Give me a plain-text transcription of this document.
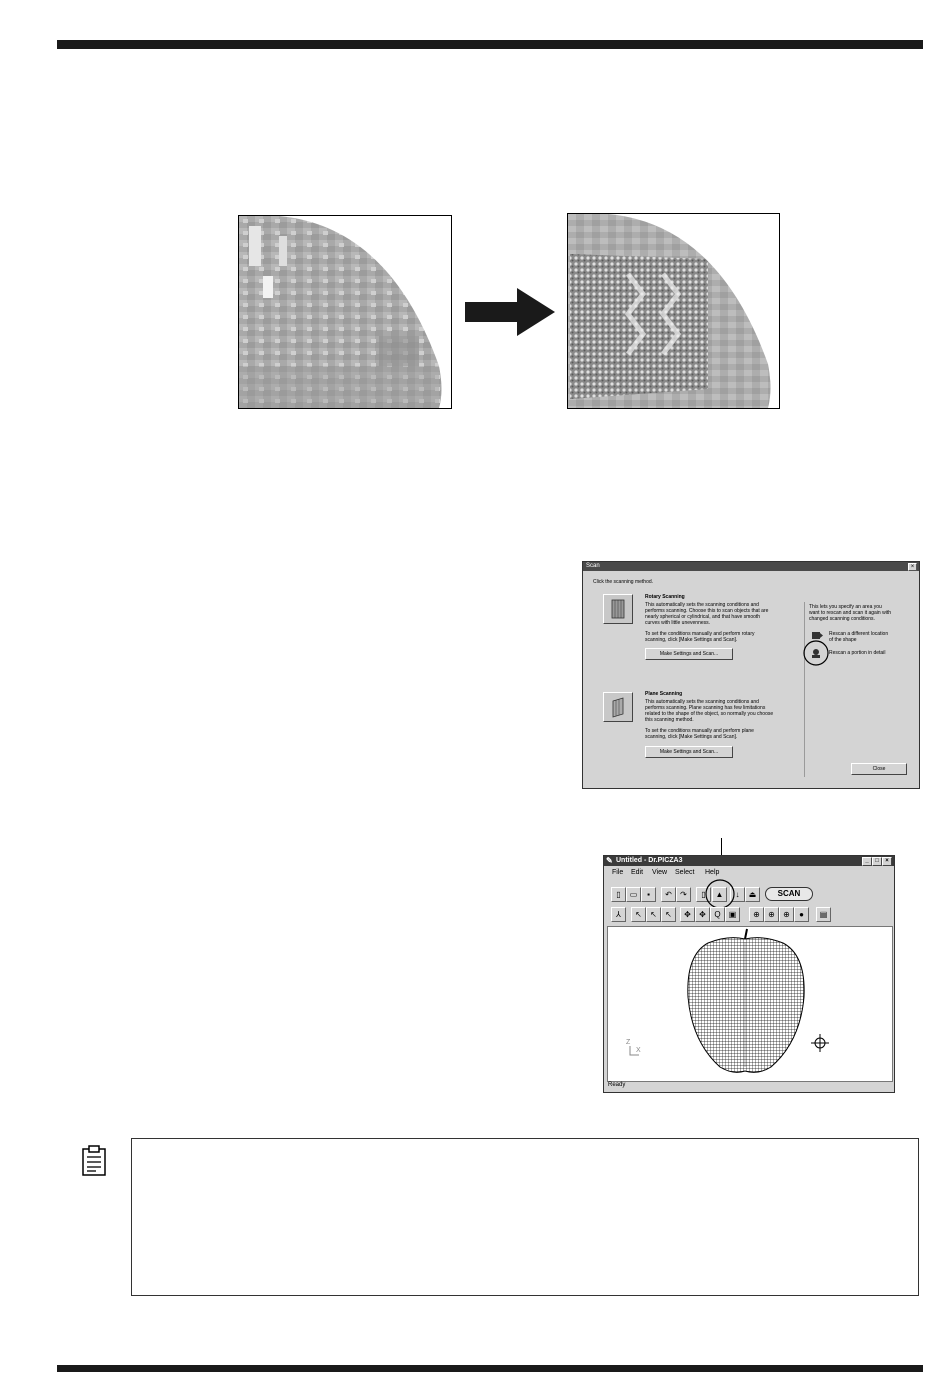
Scan	×
Click the scanning method.
Rotary Scanning
This automatically sets the scanning conditions and
performs scanning. Choose this to scan objects that are
nearly spherical or cylindrical, and that have smooth
curves with little unevenness.
To set the conditions manually and perform rotary
scanning, click [Make Settings and Scan].
Make Settings and Scan...
Plane Scanning
This automatically sets the scanning conditions and
performs scanning. Plane scanning has few limitations
related to the shape of the object, so normally you choose
this scanning method.
To set the conditions manually and perform plane
scanning, click [Make Settings and Scan].
Make Settings and Scan...
This lets you specify an area you
want to rescan and scan it again with
changed scanning conditions.
Rescan a different location
of the shape
Rescan a portion in detail
Close
✎ Untitled - Dr.PICZA3	_	□	×
File Edit View Select Help
▯	▭	▪	↶	↷	▯	▲	↓	⏏	SCAN
⅄	↖	↖	↖	✥	✥	Q	▣	⊕	⊕	⊕	●	▤
Z
X
Ready
